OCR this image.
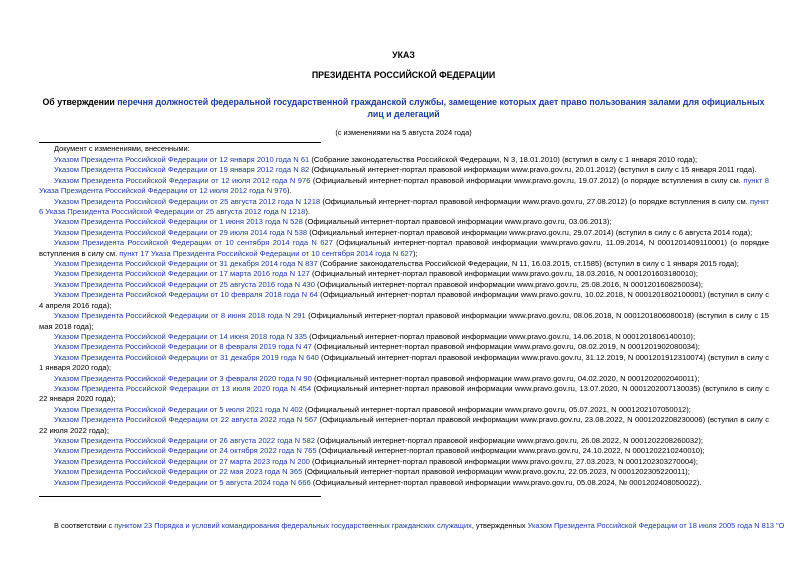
УКАЗ
ПРЕЗИДЕНТА РОССИЙСКОЙ ФЕДЕРАЦИИ
Об утверждении перечня должностей федеральной государственной гражданской службы, замещение которых дает право пользования залами для официальных лиц и делегаций
(с изменениями на 5 августа 2024 года)
Документ с изменениями, внесенными:

Указом Президента Российской Федерации от 12 января 2010 года N 61 (Собрание законодательства Российской Федерации, N 3, 18.01.2010) (вступил в силу с 1 января 2010 года);

Указом Президента Российской Федерации от 19 января 2012 года N 82 (Официальный интернет-портал правовой информации www.pravo.gov.ru, 20.01.2012) (вступил в силу с 15 января 2011 года).

Указом Президента Российской Федерации от 12 июля 2012 года N 976 (Официальный интернет-портал правовой информации www.pravo.gov.ru, 19.07.2012) (о порядке вступления в силу см. пункт 8 Указа Президента Российской Федерации от 12 июля 2012 года N 976).

Указом Президента Российской Федерации от 25 августа 2012 года N 1218 (Официальный интернет-портал правовой информации www.pravo.gov.ru, 27.08.2012) (о порядке вступления в силу см. пункт 6 Указа Президента Российской Федерации от 25 августа 2012 года N 1218).

Указом Президента Российской Федерации от 1 июня 2013 года N 528 (Официальный интернет-портал правовой информации www.pravo.gov.ru, 03.06.2013);

Указом Президента Российской Федерации от 29 июля 2014 года N 538 (Официальный интернет-портал правовой информации www.pravo.gov.ru, 29.07.2014) (вступил в силу с 6 августа 2014 года);

Указом Президента Российской Федерации от 10 сентября 2014 года N 627 (Официальный интернет-портал правовой информации www.pravo.gov.ru, 11.09.2014, N 0001201409110001) (о порядке вступления в силу см. пункт 17 Указа Президента Российской Федерации от 10 сентября 2014 года N 627);

Указом Президента Российской Федерации от 31 декабря 2014 года N 837 (Собрание законодательства Российской Федерации, N 11, 16.03.2015, ст.1585) (вступил в силу с 1 января 2015 года);

Указом Президента Российской Федерации от 17 марта 2016 года N 127 (Официальный интернет-портал правовой информации www.pravo.gov.ru, 18.03.2016, N 0001201603180010);

Указом Президента Российской Федерации от 25 августа 2016 года N 430 (Официальный интернет-портал правовой информации www.pravo.gov.ru, 25.08.2016, N 0001201608250034);

Указом Президента Российской Федерации от 10 февраля 2018 года N 64 (Официальный интернет-портал правовой информации www.pravo.gov.ru, 10.02.2018, N 0001201802100001) (вступил в силу с 4 апреля 2016 года);

Указом Президента Российской Федерации от 8 июня 2018 года N 291 (Официальный интернет-портал правовой информации www.pravo.gov.ru, 08.06.2018, N 0001201806080018) (вступил в силу с 15 мая 2018 года);

Указом Президента Российской Федерации от 14 июня 2018 года N 335 (Официальный интернет-портал правовой информации www.pravo.gov.ru, 14.06.2018, N 0001201806140010);

Указом Президента Российской Федерации от 8 февраля 2019 года N 47 (Официальный интернет-портал правовой информации www.pravo.gov.ru, 08.02.2019, N 0001201902080034);

Указом Президента Российской Федерации от 31 декабря 2019 года N 640 (Официальный интернет-портал правовой информации www.pravo.gov.ru, 31.12.2019, N 0001201912310074) (вступил в силу с 1 января 2020 года);

Указом Президента Российской Федерации от 3 февраля 2020 года N 90 (Официальный интернет-портал правовой информации www.pravo.gov.ru, 04.02.2020, N 0001202002040011);

Указом Президента Российской Федерации от 13 июля 2020 года N 454 (Официальный интернет-портал правовой информации www.pravo.gov.ru, 13.07.2020, N 0001202007130035) (вступило в силу с 22 января 2020 года);

Указом Президента Российской Федерации от 5 июля 2021 года N 402 (Официальный интернет-портал правовой информации www.pravo.gov.ru, 05.07.2021, N 0001202107050012);

Указом Президента Российской Федерации от 22 августа 2022 года N 567 (Официальный интернет-портал правовой информации www.pravo.gov.ru, 23.08.2022, N 0001202208230006) (вступил в силу с 22 июля 2022 года);

Указом Президента Российской Федерации от 26 августа 2022 года N 582 (Официальный интернет-портал правовой информации www.pravo.gov.ru, 26.08.2022, N 0001202208260032);

Указом Президента Российской Федерации от 24 октября 2022 года N 765 (Официальный интернет-портал правовой информации www.pravo.gov.ru, 24.10.2022, N 0001202210240010);

Указом Президента Российской Федерации от 27 марта 2023 года N 200 (Официальный интернет-портал правовой информации www.pravo.gov.ru, 27.03.2023, N 0001202303270004);

Указом Президента Российской Федерации от 22 мая 2023 года N 365 (Официальный интернет-портал правовой информации www.pravo.gov.ru, 22.05.2023, N 0001202305220011);

Указом Президента Российской Федерации от 5 августа 2024 года N 666 (Официальный интернет-портал правовой информации www.pravo.gov.ru, 05.08.2024, № 0001202408050022).

В соответствии с пунктом 23 Порядка и условий командирования федеральных государственных гражданских служащих, утвержденных Указом Президента Российской Федерации от 18 июля 2005 года N 813 "О
